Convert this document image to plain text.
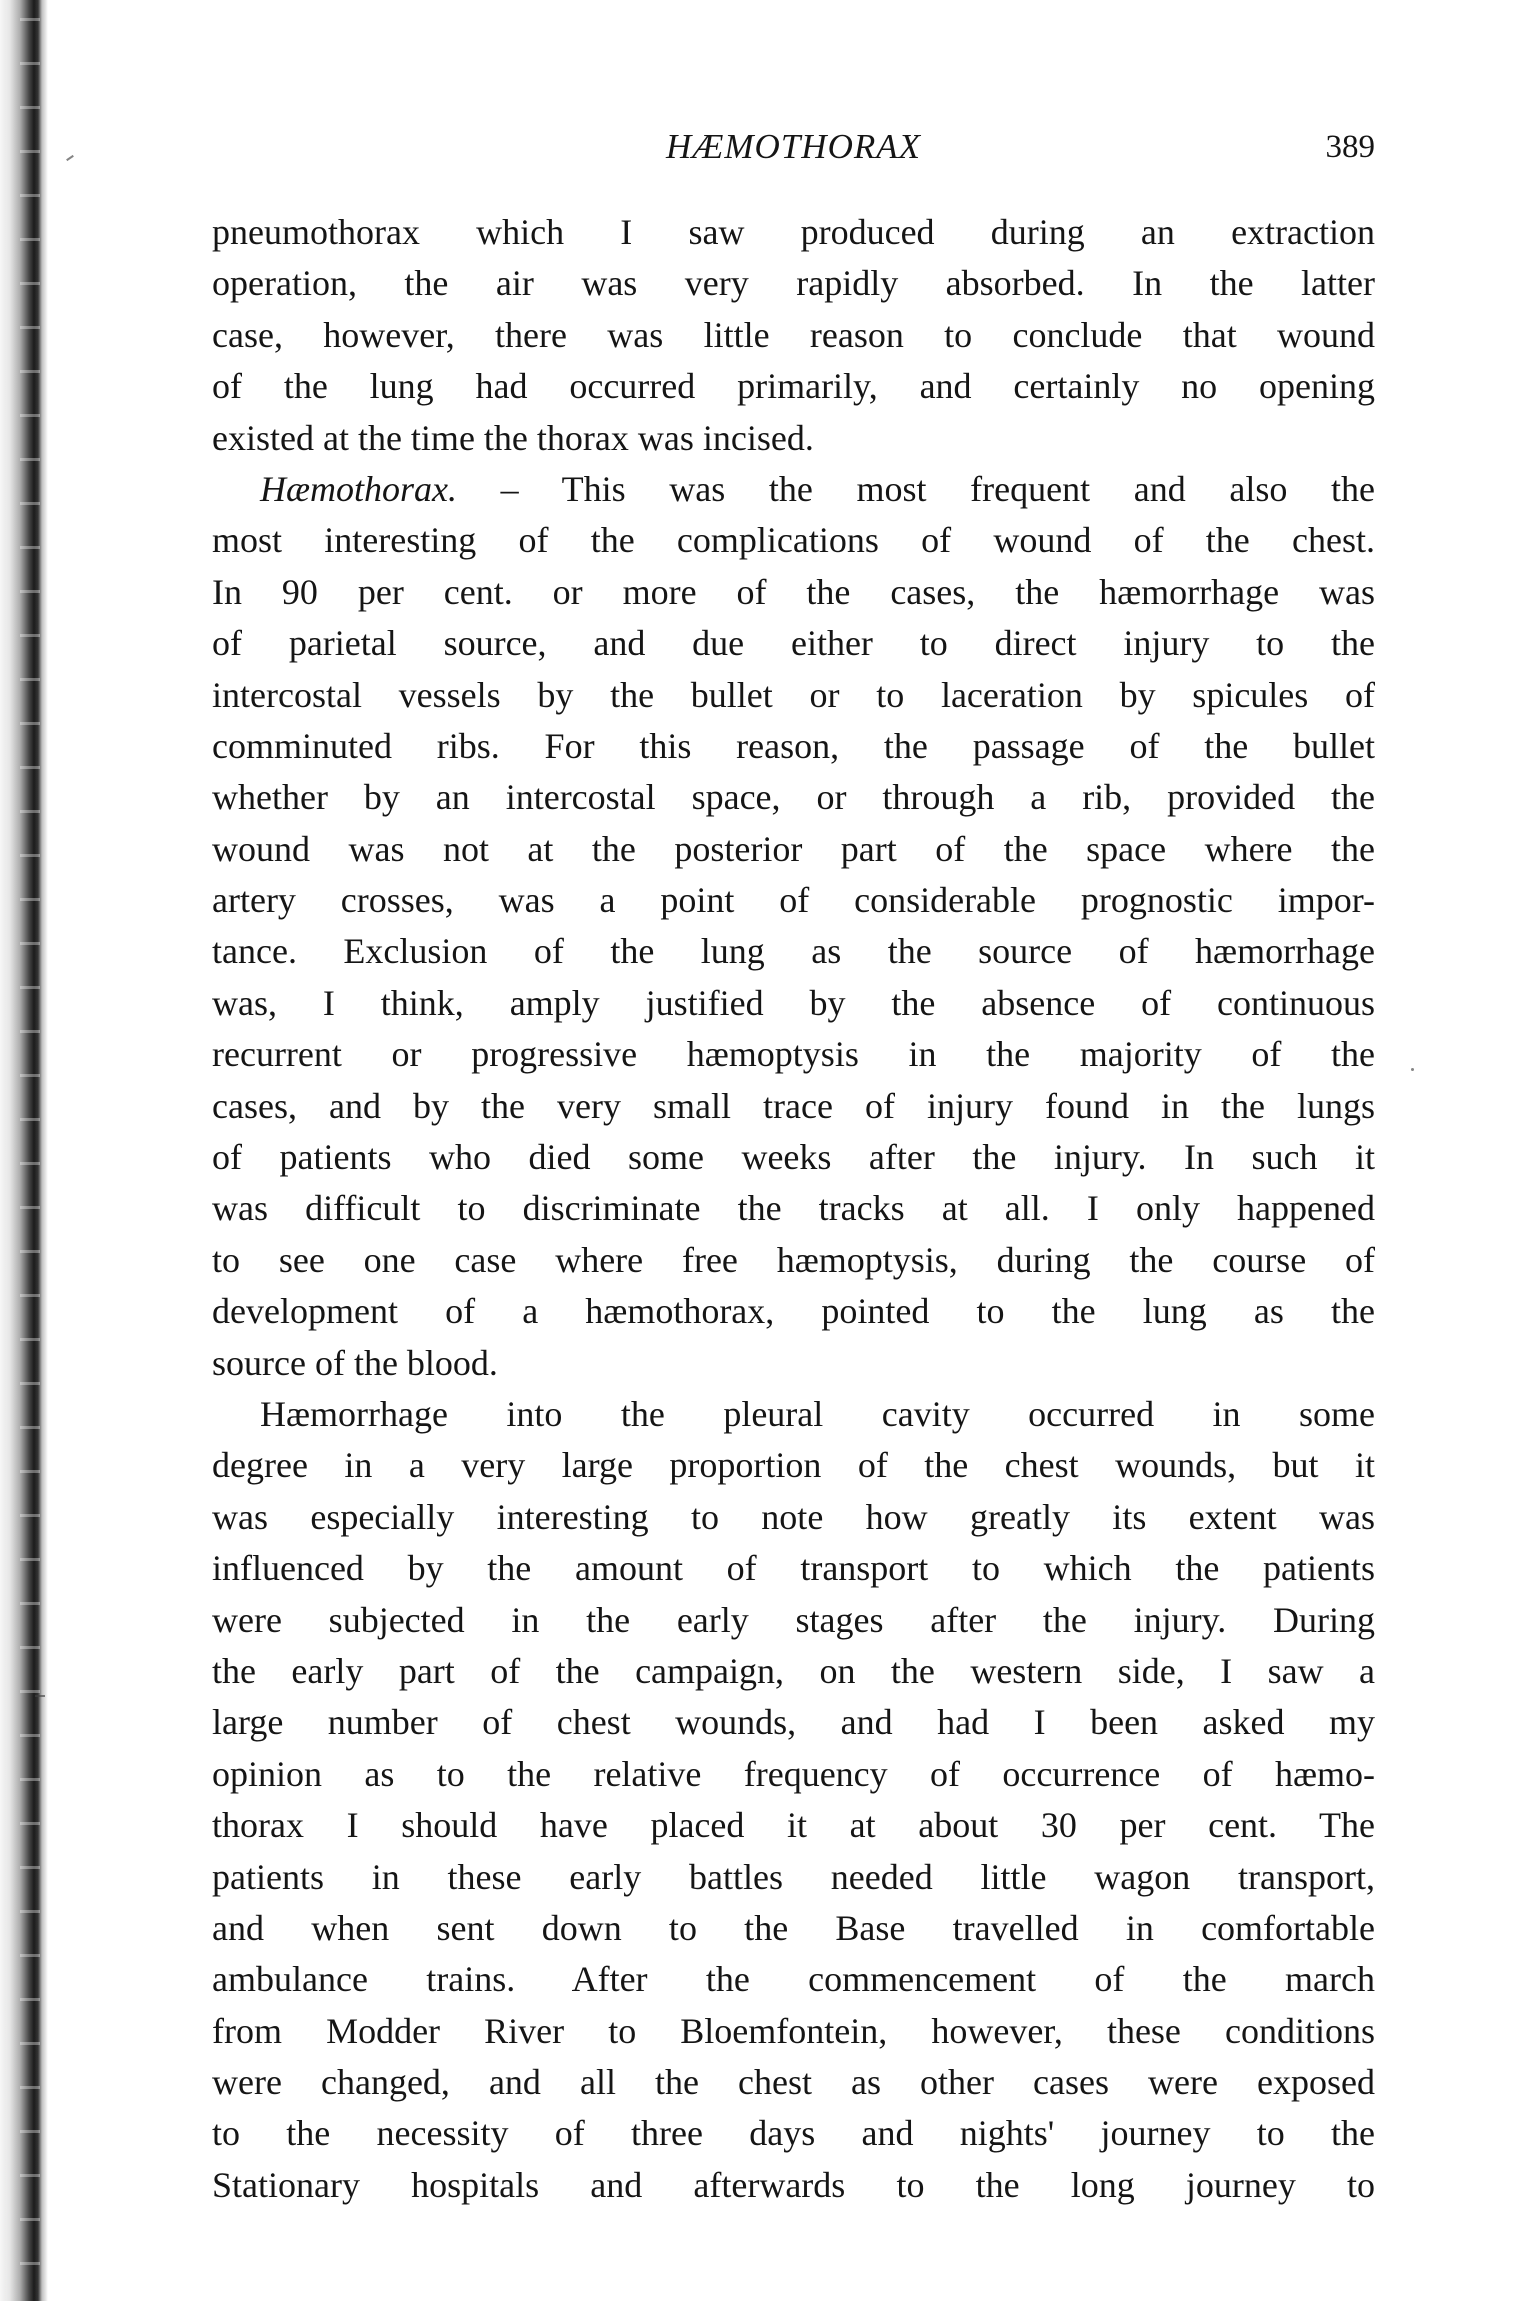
HÆMOTHORAX	389
pneumothorax which I saw produced during an extraction
operation, the air was very rapidly absorbed. In the latter
case, however, there was little reason to conclude that wound
of the lung had occurred primarily, and certainly no opening
existed at the time the thorax was incised.
Hæmothorax. – This was the most frequent and also the
most interesting of the complications of wound of the chest.
In 90 per cent. or more of the cases, the hæmorrhage was
of parietal source, and due either to direct injury to the
intercostal vessels by the bullet or to laceration by spicules of
comminuted ribs. For this reason, the passage of the bullet
whether by an intercostal space, or through a rib, provided the
wound was not at the posterior part of the space where the
artery crosses, was a point of considerable prognostic impor-
tance. Exclusion of the lung as the source of hæmorrhage
was, I think, amply justified by the absence of continuous
recurrent or progressive hæmoptysis in the majority of the
cases, and by the very small trace of injury found in the lungs
of patients who died some weeks after the injury. In such it
was difficult to discriminate the tracks at all. I only happened
to see one case where free hæmoptysis, during the course of
development of a hæmothorax, pointed to the lung as the
source of the blood.
Hæmorrhage into the pleural cavity occurred in some
degree in a very large proportion of the chest wounds, but it
was especially interesting to note how greatly its extent was
influenced by the amount of transport to which the patients
were subjected in the early stages after the injury. During
the early part of the campaign, on the western side, I saw a
large number of chest wounds, and had I been asked my
opinion as to the relative frequency of occurrence of hæmo-
thorax I should have placed it at about 30 per cent. The
patients in these early battles needed little wagon transport,
and when sent down to the Base travelled in comfortable
ambulance trains. After the commencement of the march
from Modder River to Bloemfontein, however, these conditions
were changed, and all the chest as other cases were exposed
to the necessity of three days and nights' journey to the
Stationary hospitals and afterwards to the long journey to
